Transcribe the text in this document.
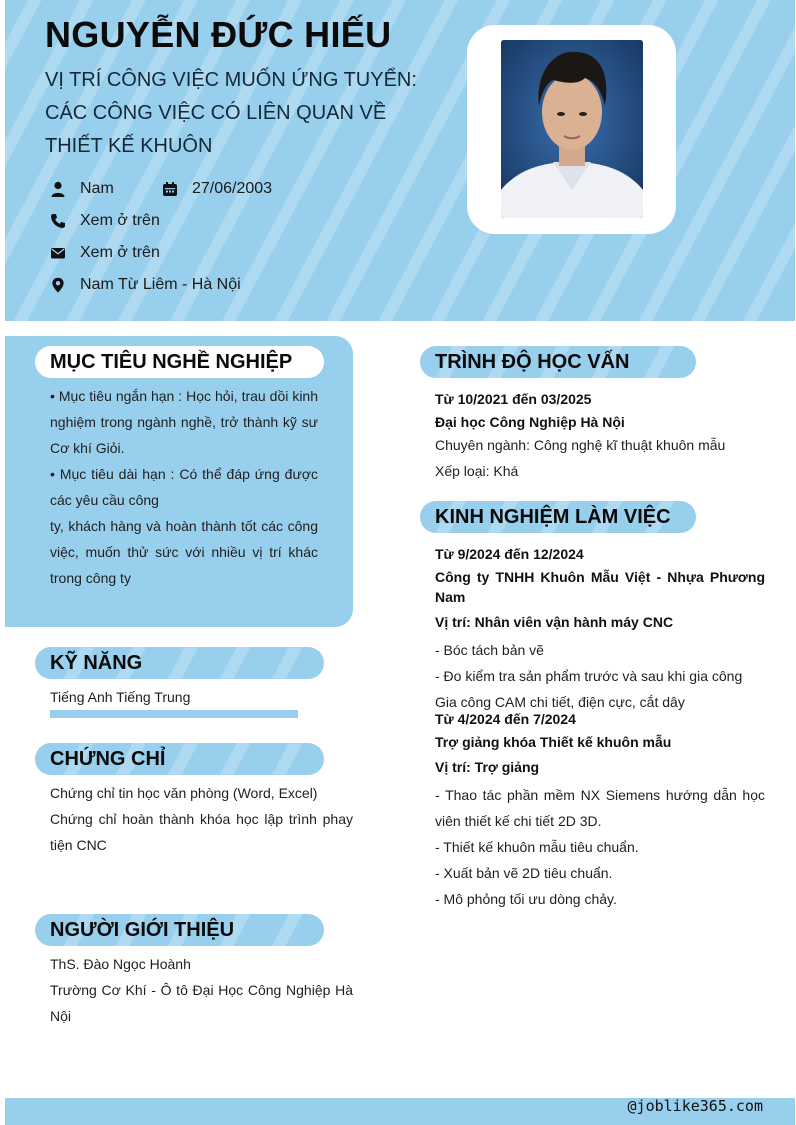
NGUYỄN ĐỨC HIẾU

VỊ TRÍ CÔNG VIỆC MUỐN ỨNG TUYỂN: CÁC CÔNG VIỆC CÓ LIÊN QUAN VỀ THIẾT KẾ KHUÔN

Nam	27/06/2003
Xem ở trên
Xem ở trên
Nam Từ Liêm - Hà Nội
MỤC TIÊU NGHỀ NGHIỆP

• Mục tiêu ngắn hạn : Học hỏi, trau dồi kinh nghiệm trong ngành nghề, trở thành kỹ sư Cơ khí Giỏi.

• Mục tiêu dài hạn : Có thể đáp ứng được các yêu cầu công

ty, khách hàng và hoàn thành tốt các công việc, muốn thử sức với nhiều vị trí khác trong công ty

KỸ NĂNG
Tiếng Anh Tiếng Trung
CHỨNG CHỈ

Chứng chỉ tin học văn phòng (Word, Excel)

Chứng chỉ hoàn thành khóa học lập trình phay tiện CNC

NGƯỜI GIỚI THIỆU

ThS. Đào Ngọc Hoành

Trường Cơ Khí - Ô tô Đại Học Công Nghiệp Hà Nội

TRÌNH ĐỘ HỌC VẤN

Từ 10/2021 đến 03/2025

Đại học Công Nghiệp Hà Nội

Chuyên ngành: Công nghệ kĩ thuật khuôn mẫu

Xếp loại: Khá

KINH NGHIỆM LÀM VIỆC

Từ 9/2024 đến 12/2024

Công ty TNHH Khuôn Mẫu Việt - Nhựa Phương Nam

Vị trí: Nhân viên vận hành máy CNC

- Bóc tách bản vẽ

- Đo kiểm tra sản phẩm trước và sau khi gia công

Gia công CAM chi tiết, điện cực, cắt dây

Từ 4/2024 đến 7/2024

Trợ giảng khóa Thiết kế khuôn mẫu

Vị trí: Trợ giảng

- Thao tác phần mềm NX Siemens hướng dẫn học viên thiết kế chi tiết 2D 3D.

- Thiết kế khuôn mẫu tiêu chuẩn.

- Xuất bản vẽ 2D tiêu chuẩn.

- Mô phỏng tối ưu dòng chảy.

@joblike365.com
